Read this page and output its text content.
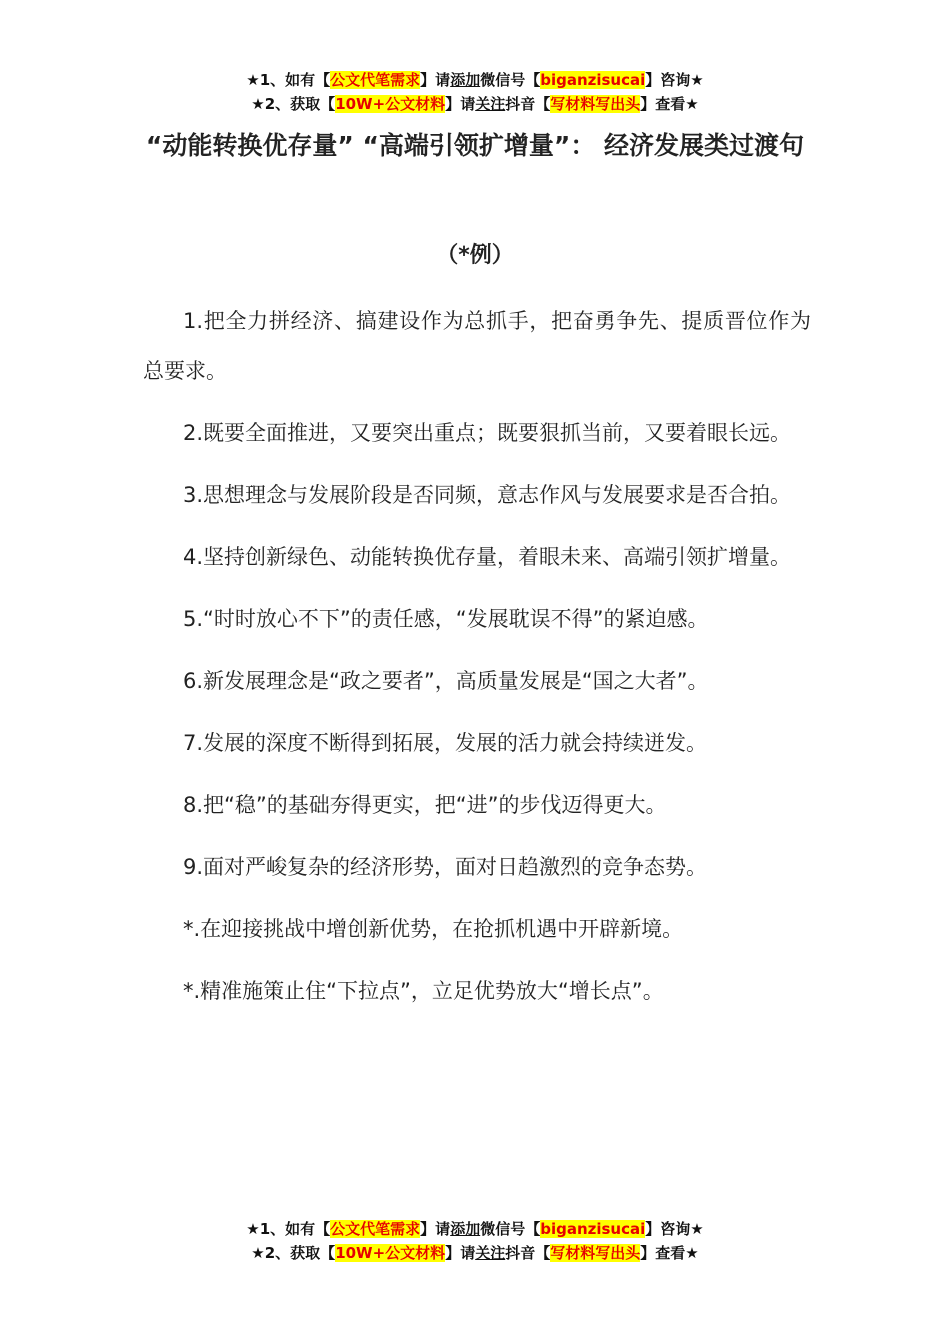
★1、如有【公文代笔需求】请添加微信号【biganzisucai】咨询★
★2、获取【10W+公文材料】请关注抖音【写材料写出头】查看★
“动能转换优存量” “高端引领扩增量”： 经济发展类过渡句
（*例）

1.把全力拼经济、搞建设作为总抓手，把奋勇争先、提质晋位作为总要求。

2.既要全面推进，又要突出重点；既要狠抓当前，又要着眼长远。

3.思想理念与发展阶段是否同频，意志作风与发展要求是否合拍。

4.坚持创新绿色、动能转换优存量，着眼未来、高端引领扩增量。

5.“时时放心不下”的责任感，“发展耽误不得”的紧迫感。

6.新发展理念是“政之要者”，高质量发展是“国之大者”。

7.发展的深度不断得到拓展，发展的活力就会持续迸发。

8.把“稳”的基础夯得更实，把“进”的步伐迈得更大。

9.面对严峻复杂的经济形势，面对日趋激烈的竞争态势。

*.在迎接挑战中增创新优势，在抢抓机遇中开辟新境。

*.精准施策止住“下拉点”，立足优势放大“增长点”。

★1、如有【公文代笔需求】请添加微信号【biganzisucai】咨询★
★2、获取【10W+公文材料】请关注抖音【写材料写出头】查看★
